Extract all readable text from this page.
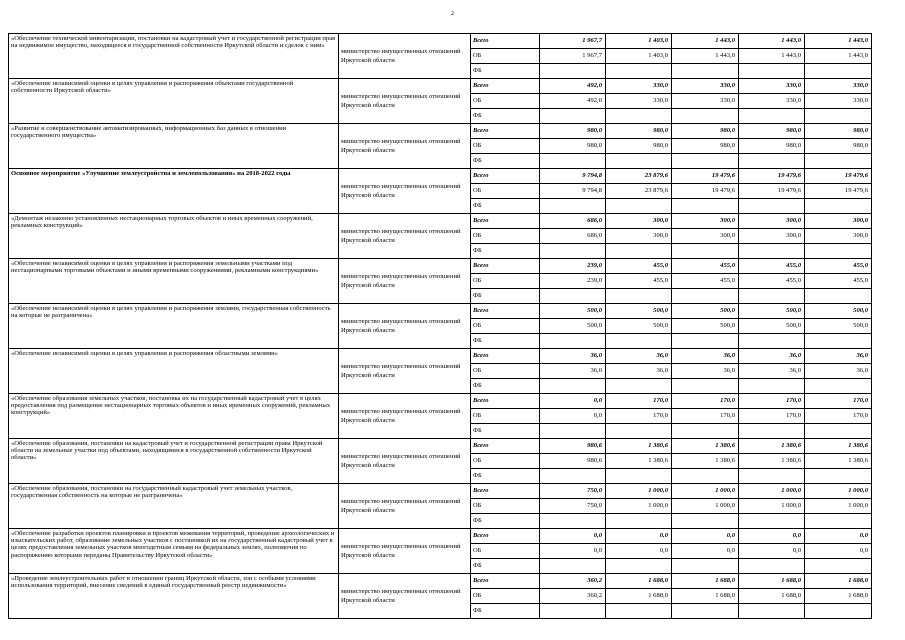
2
«Обеспечение технической инвентаризации, постановки на кадастровый учет и государственной регистрации прав на недвижимое имущество, находящееся в государственной собственности Иркутской области и сделок с ним»	министерство имущественных отношений Иркутской области	Всего	1 967,7	1 403,0	1 443,0	1 443,0	1 443,0
		ОБ	1 967,7	1 403,0	1 443,0	1 443,0	1 443,0
		ФБ					
«Обеспечение независимой оценки в целях управления и распоряжения объектами государственной собственности Иркутской области»	министерство имущественных отношений Иркутской области	Всего	492,0	330,0	330,0	330,0	330,0
		ОБ	492,0	330,0	330,0	330,0	330,0
		ФБ					
«Развитие и совершенствование автоматизированных, информационных баз данных в отношении государственного имущества»	министерство имущественных отношений Иркутской области	Всего	980,0	980,0	980,0	980,0	980,0
		ОБ	980,0	980,0	980,0	980,0	980,0
		ФБ					
Основное мероприятие «Улучшение землеустройства и землепользования» на 2018-2022 годы	министерство имущественных отношений Иркутской области	Всего	9 794,8	23 879,6	19 479,6	19 479,6	19 479,6
		ОБ	9 794,8	23 879,6	19 479,6	19 479,6	19 479,6
		ФБ					
«Демонтаж незаконно установленных нестационарных торговых объектов и иных временных сооружений, рекламных конструкций»	министерство имущественных отношений Иркутской области	Всего	686,0	300,0	300,0	300,0	300,0
		ОБ	686,0	300,0	300,0	300,0	300,0
		ФБ					
«Обеспечение независимой оценки в целях управления и распоряжения земельными участками под нестационарными торговыми объектами и иными временными сооружениями, рекламными конструкциями»	министерство имущественных отношений Иркутской области	Всего	239,0	455,0	455,0	455,0	455,0
		ОБ	239,0	455,0	455,0	455,0	455,0
		ФБ					
«Обеспечение независимой оценки в целях управления и распоряжения землями, государственная собственность на которые не разграничена»	министерство имущественных отношений Иркутской области	Всего	500,0	500,0	500,0	500,0	500,0
		ОБ	500,0	500,0	500,0	500,0	500,0
		ФБ					
«Обеспечение независимой оценки в целях управления и распоряжения областными землями»	министерство имущественных отношений Иркутской области	Всего	36,0	36,0	36,0	36,0	36,0
		ОБ	36,0	36,0	36,0	36,0	36,0
		ФБ					
«Обеспечение образования земельных участков, постановка их на государственный кадастровый учет в целях предоставления под размещение нестационарных торговых объектов и иных временных сооружений, рекламных конструкций»	министерство имущественных отношений Иркутской области	Всего	0,0	170,0	170,0	170,0	170,0
		ОБ	0,0	170,0	170,0	170,0	170,0
		ФБ					
«Обеспечение образования, постановки на кадастровый учет и государственной регистрации права Иркутской области на земельные участки под объектами, находящимися в государственной собственности Иркутской области»	министерство имущественных отношений Иркутской области	Всего	980,6	1 380,6	1 380,6	1 380,6	1 380,6
		ОБ	980,6	1 380,6	1 380,6	1 380,6	1 380,6
		ФБ					
«Обеспечение образования, постановки на государственный кадастровый учет земельных участков, государственная собственность на которые не разграничена»	министерство имущественных отношений Иркутской области	Всего	750,0	1 000,0	1 000,0	1 000,0	1 000,0
		ОБ	750,0	1 000,0	1 000,0	1 000,0	1 000,0
		ФБ					
«Обеспечение разработки проектов планировки и проектов межевания территорий, проведение археологических и изыскательских работ, образование земельных участков с постановкой их на государственный кадастровый учет в целях предоставления земельных участков многодетным семьям на федеральных землях, полномочия по распоряжению которыми переданы Правительству Иркутской области»	министерство имущественных отношений Иркутской области	Всего	0,0	0,0	0,0	0,0	0,0
		ОБ	0,0	0,0	0,0	0,0	0,0
		ФБ					
«Проведение землеустроительных работ в отношении границ Иркутской области, зон с особыми условиями использования территорий, внесение сведений в единый государственный реестр недвижимости»	министерство имущественных отношений Иркутской области	Всего	360,2	1 688,0	1 688,0	1 688,0	1 688,0
		ОБ	360,2	1 688,0	1 688,0	1 688,0	1 688,0
		ФБ					
